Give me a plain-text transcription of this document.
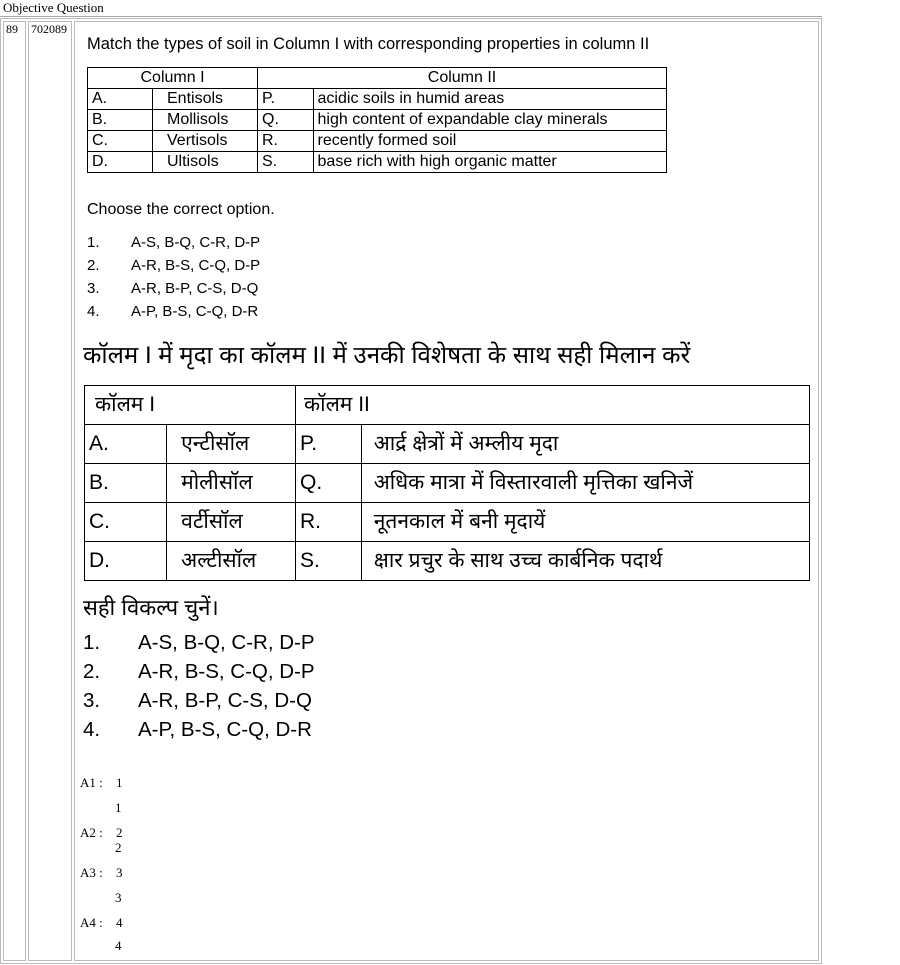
Objective Question
89	702089
Match the types of soil in Column I with corresponding properties in column II
Column I		Column II	
A.	Entisols	P.	acidic soils in humid areas
B.	Mollisols	Q.	high content of expandable clay minerals
C.	Vertisols	R.	recently formed soil
D.	Ultisols	S.	base rich with high organic matter
Choose the correct option.
1. A-S, B-Q, C-R, D-P
2. A-R, B-S, C-Q, D-P
3. A-R, B-P, C-S, D-Q
4. A-P, B-S, C-Q, D-R
कॉलम I में मृदा का कॉलम II में उनकी विशेषता के साथ सही मिलान करें
कॉलम I		कॉलम II	
A.	एन्टीसॉल	P.	आर्द्र क्षेत्रों में अम्लीय मृदा
B.	मोलीसॉल	Q.	अधिक मात्रा में विस्तारवाली मृत्तिका खनिजें
C.	वर्टीसॉल	R.	नूतनकाल में बनी मृदायें
D.	अल्टीसॉल	S.	क्षार प्रचुर के साथ उच्च कार्बनिक पदार्थ
सही विकल्प चुनें।
1. A-S, B-Q, C-R, D-P
2. A-R, B-S, C-Q, D-P
3. A-R, B-P, C-S, D-Q
4. A-P, B-S, C-Q, D-R
A1 : 1
1
A2 : 2
2
A3 : 3
3
A4 : 4
4
